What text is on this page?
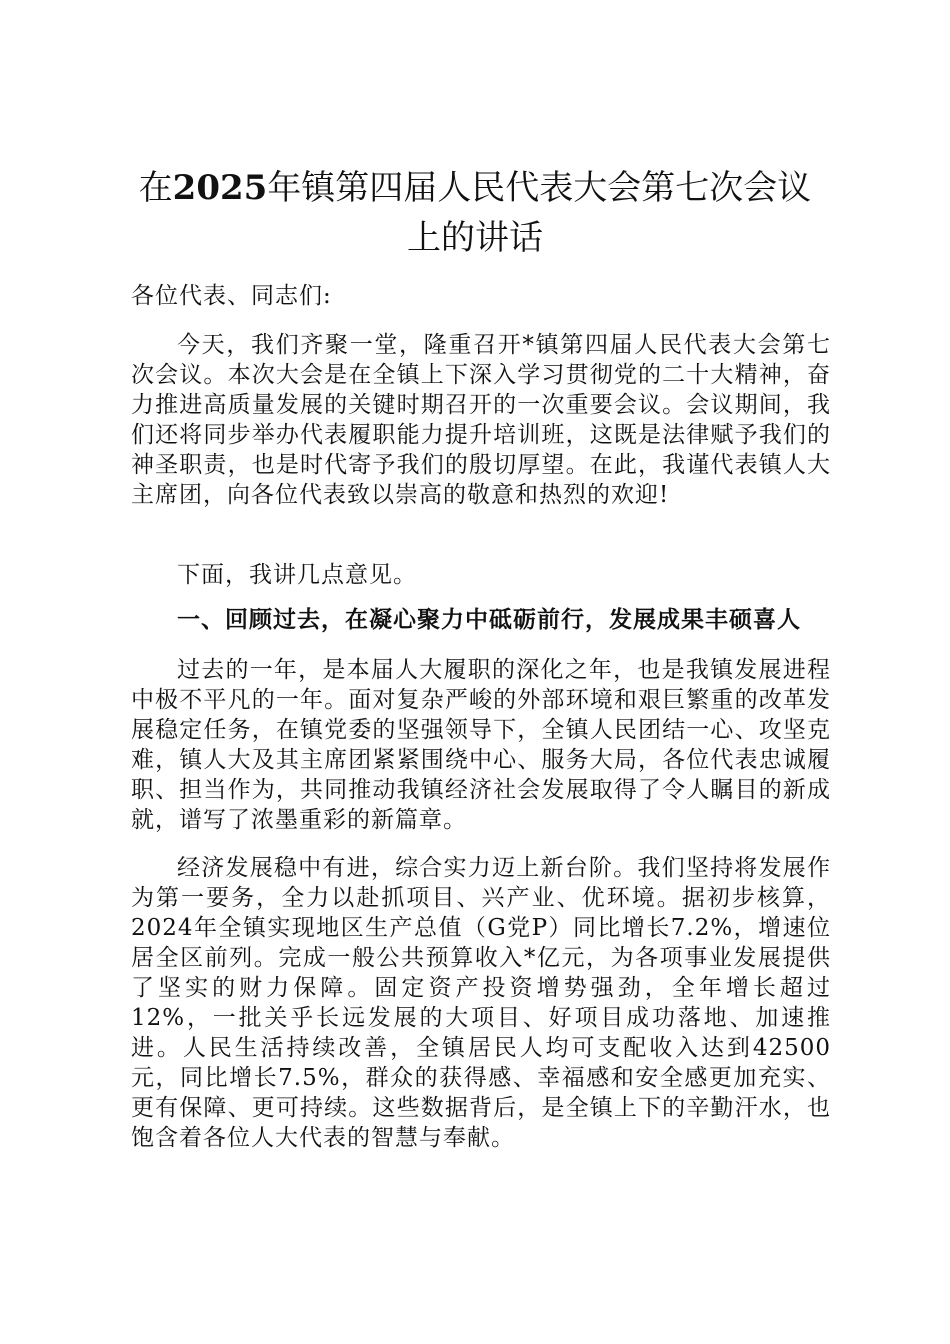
在2025年镇第四届人民代表大会第七次会议
上的讲话

各位代表、同志们:

今天，我们齐聚一堂，隆重召开*镇第四届人民代表大会第七次会议。本次大会是在全镇上下深入学习贯彻党的二十大精神，奋力推进高质量发展的关键时期召开的一次重要会议。会议期间，我们还将同步举办代表履职能力提升培训班，这既是法律赋予我们的神圣职责，也是时代寄予我们的殷切厚望。在此，我谨代表镇人大主席团，向各位代表致以崇高的敬意和热烈的欢迎!

下面，我讲几点意见。

一、回顾过去，在凝心聚力中砥砺前行，发展成果丰硕喜人

过去的一年，是本届人大履职的深化之年，也是我镇发展进程中极不平凡的一年。面对复杂严峻的外部环境和艰巨繁重的改革发展稳定任务，在镇党委的坚强领导下，全镇人民团结一心、攻坚克难，镇人大及其主席团紧紧围绕中心、服务大局，各位代表忠诚履职、担当作为，共同推动我镇经济社会发展取得了令人瞩目的新成就，谱写了浓墨重彩的新篇章。

经济发展稳中有进，综合实力迈上新台阶。我们坚持将发展作为第一要务，全力以赴抓项目、兴产业、优环境。据初步核算，2024年全镇实现地区生产总值（G党P）同比增长7.2%，增速位居全区前列。完成一般公共预算收入*亿元，为各项事业发展提供了坚实的财力保障。固定资产投资增势强劲，全年增长超过12%，一批关乎长远发展的大项目、好项目成功落地、加速推进。人民生活持续改善，全镇居民人均可支配收入达到42500元，同比增长7.5%，群众的获得感、幸福感和安全感更加充实、更有保障、更可持续。这些数据背后，是全镇上下的辛勤汗水，也饱含着各位人大代表的智慧与奉献。
